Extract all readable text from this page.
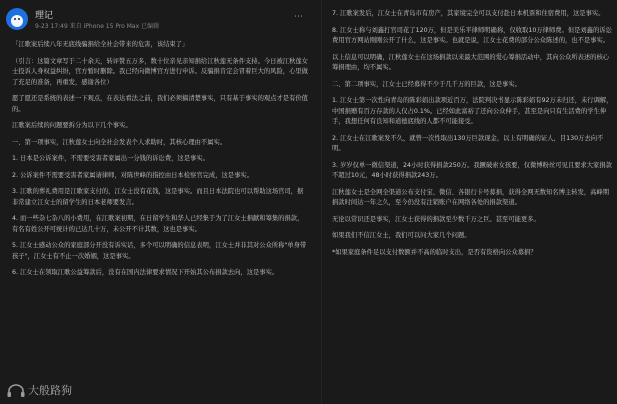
理记
9-23 17:49 来自 iPhone 15 Pro Max 已编辑
⋯

「江歌案后续八年无底线骗捐给全社会带来的危害，该结束了」

（引言：这篇文章写于二十余天，转评赞五万多，数十位亲见亲知捐给江秋莲无条件支持。今日被江秋莲女士投诉人身权益纠纷，官方暂时删除。我已经向微博官方进行申诉。反骗捐肯定会冒着巨大的风险，心里做了充足的准备，再重发，感谢各位）

愿了愿还是系统的表述一下观点，在表达看法之前，我们必须搞清楚事实，只有基于事实的观点才是有价值的。

江歌案后续的问题要拆分为以下几个事实。

一、第一项事实，江秋莲女士向全社会发表个人求助时，其核心理由不属实。

1. 日本是公诉案件，不需要受害者家属出一分钱的诉讼费，这是事实。

2. 公诉案件不需要受害者家属请律师，对陈世峰的指控由日本检察官完成，这是事实。

3. 江歌的葬礼费用是江歌家支付的，江女士没有花钱，这是事实。而且日本法院也可以帮助这场官司，据非常建立江女士的留学生的日本老师要发言。

4. 而一些杂七杂八的小费用，在江歌案初期，在日留学生和华人已经集于为了江女士捐献和筹集的捐款，有名有姓公开可统计的已达几十万，未公开不计其数，这也是事实。

5. 江女士感动公众的家庭部分开没有诉实话，多个可以明确的信息表明，江女士并非其对公众所称"单身带孩子"，江女士有不止一次婚姻，这是事实。

6. 江女士在领取江歌公益筹款后，没有在国内法律要求情况下开始其公布捐款去向，这是事实。

大般路狗

7. 江歌案发后，江女士在青岛市有房产，其家境完全可以支付赴日本机票和住宿费用，这是事实。

8. 江女士称与刘鑫打官司花了120万，但是美乐平律师明确称，仅收取10万律师费。但是刘鑫的诉讼费用官方网站刚刚公开了什么，这是事实。也就是说，江女士花费的部分公众陈述的，也不是事实。

以上信息可以明确，江秋莲女士在这场捐款以来最大范围的爱心筹捐活动中，其向公众所表述的核心筹捐理由，均不属实。

二、第二项事实，江女士已经募得不少于几千万的巨款，这是事实。

1. 江女士第一次性向青岛的陈彩娟出款项近百万，法院判决书显示陈彩娟有92万未归还，未行调解，中国捐赠有百万存款的人仅占0.1%。已经如此富裕了还向公众伸手，甚至是向只有生活费的学生伸手，我想任何有良知和道德底线的人都不可能接受。

2. 江女士在江歌案发不久，就曾一次性取出130万巨款现金，以上有明确的证人，目130万去向不明。

3. 岁岁仅单一微信渠道，24小时获得捐款250万。我撅破索女孩要，仅微博粉丝可见且要求大家捐款不超过10元，48小时获得捐款243万。

江秋莲女士是全网全渠道公布支付宝、微信、各银行卡号募捐，获得全网无数知名博主转发，高峰期捐款时间达一年之久，至今仍没有注销账户在网络各处的捐款渠道。

无论以常识还是事实，江女士获得的捐款至少数千万之巨。甚至可能更多。

如果我们不信江女士，我们可以问大家几个问题。

*如果家庭条件足以支付数额并不高的临时支出，是否有资格向公众募捐？
